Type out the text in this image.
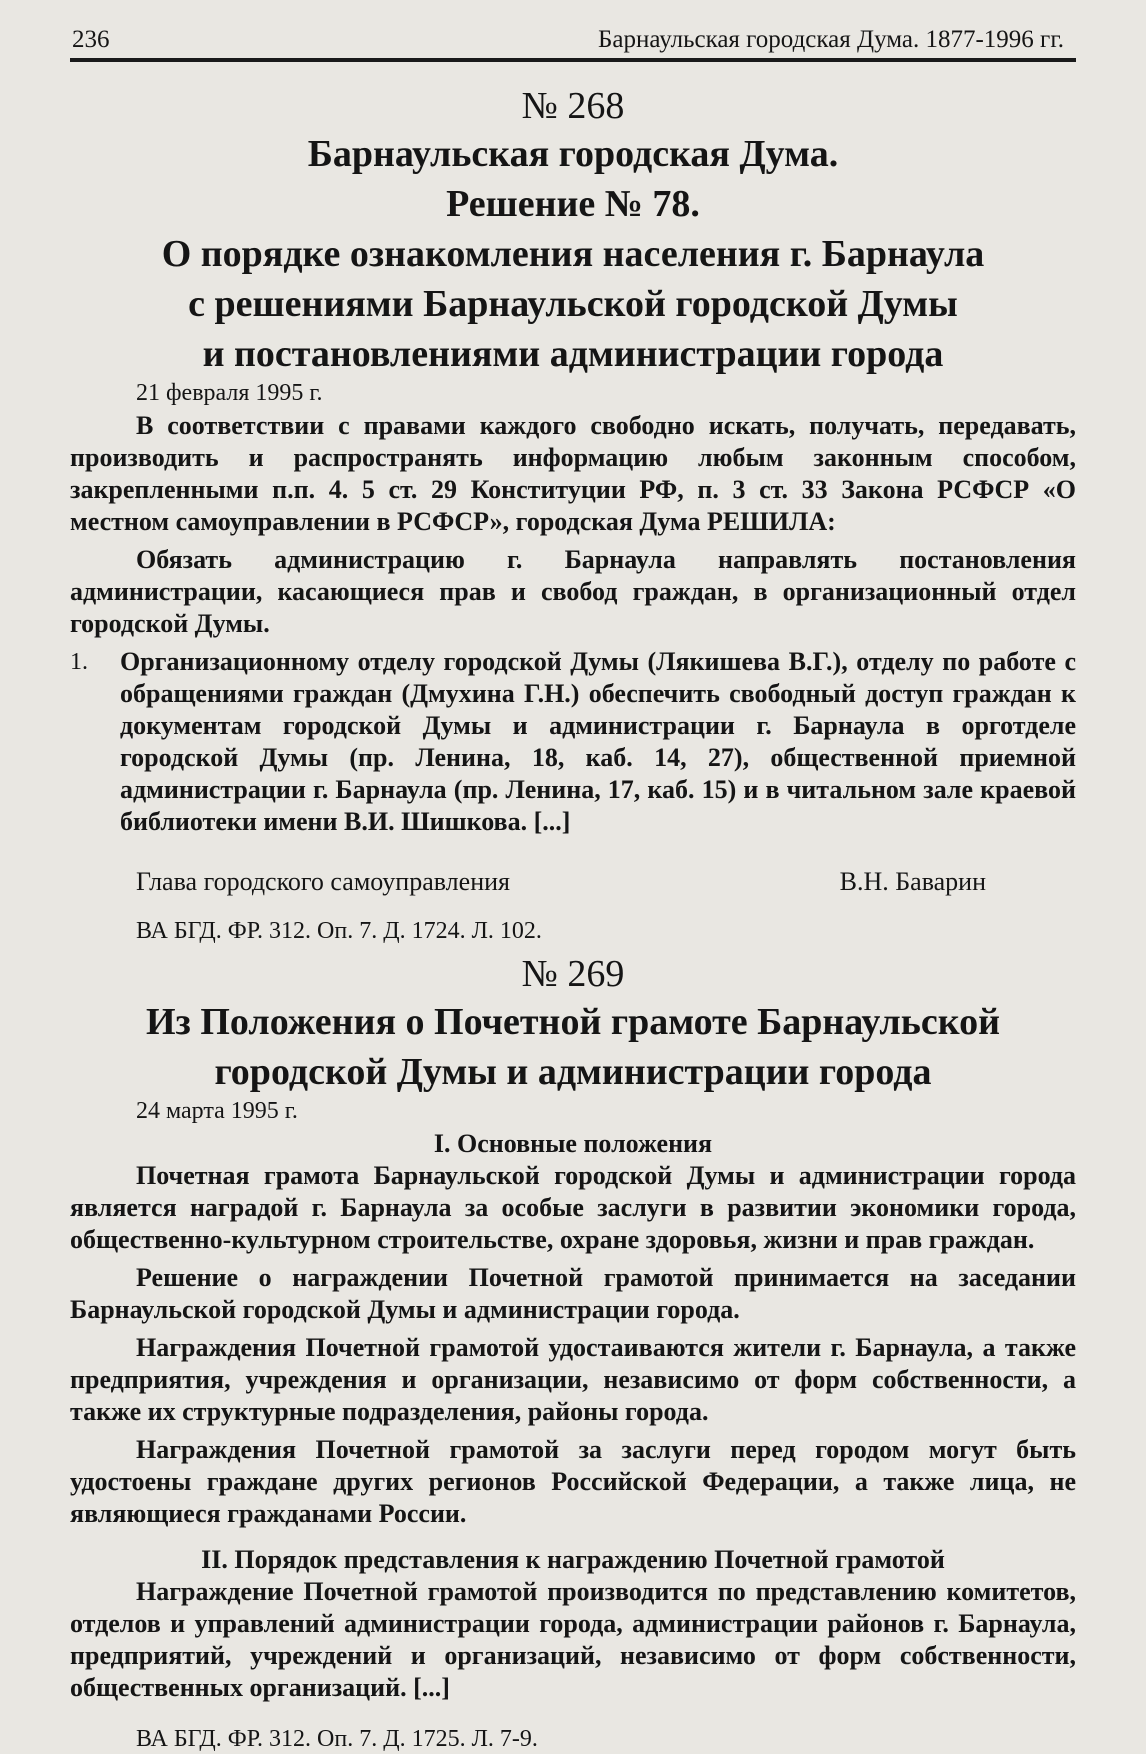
236	Барнаульская городская Дума. 1877-1996 гг.
№ 268
Барнаульская городская Дума.
Решение № 78.
О порядке ознакомления населения г. Барнаула
с решениями Барнаульской городской Думы
и постановлениями администрации города
21 февраля 1995 г.

В соответствии с правами каждого свободно искать, получать, передавать, производить и распространять информацию любым законным способом, закрепленными п.п. 4. 5 ст. 29 Конституции РФ, п. 3 ст. 33 Закона РСФСР «О местном самоуправлении в РСФСР», городская Дума РЕШИЛА:

Обязать администрацию г. Барнаула направлять постановления администрации, касающиеся прав и свобод граждан, в организационный отдел городской Думы.

1.	Организационному отделу городской Думы (Лякишева В.Г.), отделу по работе с обращениями граждан (Дмухина Г.Н.) обеспечить свободный доступ граждан к документам городской Думы и администрации г. Барнаула в орготделе городской Думы (пр. Ленина, 18, каб. 14, 27), общественной приемной администрации г. Барнаула (пр. Ленина, 17, каб. 15) и в читальном зале краевой библиотеки имени В.И. Шишкова. [...]

Глава городского самоуправления	В.Н. Баварин
ВА БГД. ФР. 312. Оп. 7. Д. 1724. Л. 102.
№ 269
Из Положения о Почетной грамоте Барнаульской
городской Думы и администрации города
24 марта 1995 г.

I. Основные положения

Почетная грамота Барнаульской городской Думы и администрации города является наградой г. Барнаула за особые заслуги в развитии экономики города, общественно-культурном строительстве, охране здоровья, жизни и прав граждан.

Решение о награждении Почетной грамотой принимается на заседании Барнаульской городской Думы и администрации города.

Награждения Почетной грамотой удостаиваются жители г. Барнаула, а также предприятия, учреждения и организации, независимо от форм собственности, а также их структурные подразделения, районы города.

Награждения Почетной грамотой за заслуги перед городом могут быть удостоены граждане других регионов Российской Федерации, а также лица, не являющиеся гражданами России.

II. Порядок представления к награждению Почетной грамотой

Награждение Почетной грамотой производится по представлению комитетов, отделов и управлений администрации города, администрации районов г. Барнаула, предприятий, учреждений и организаций, независимо от форм собственности, общественных организаций. [...]

ВА БГД. ФР. 312. Оп. 7. Д. 1725. Л. 7-9.
